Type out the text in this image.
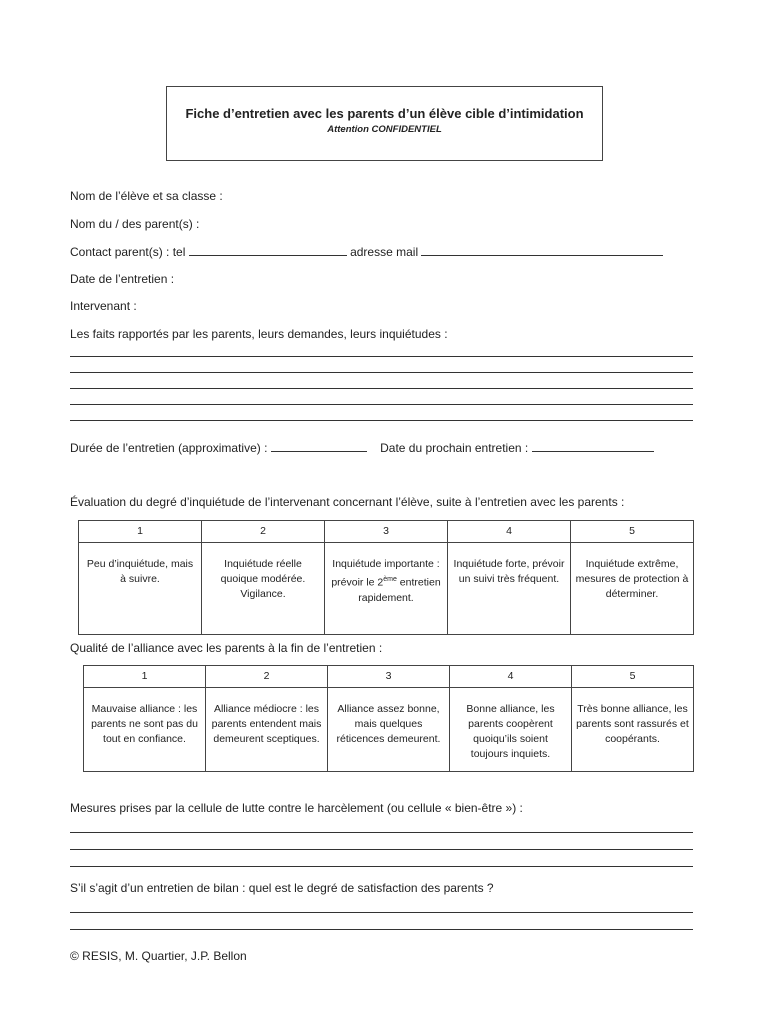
Fiche d’entretien avec les parents d’un élève cible d’intimidation
Attention CONFIDENTIEL
Nom de l’élève et sa classe :
Nom du / des parent(s) :
Contact parent(s) : tel	adresse mail
Date de l’entretien :
Intervenant :
Les faits rapportés par les parents, leurs demandes, leurs inquiétudes :
Durée de l’entretien (approximative) :	Date du prochain entretien :
Évaluation du degré d’inquiétude de l’intervenant concernant l’élève, suite à l’entretien avec les parents :
1	2	3	4	5
Peu d’inquiétude, mais à suivre.	Inquiétude réelle quoique modérée. Vigilance.	Inquiétude importante : prévoir le 2ème entretien rapidement.	Inquiétude forte, prévoir un suivi très fréquent.	Inquiétude extrême, mesures de protection à déterminer.
Qualité de l’alliance avec les parents à la fin de l’entretien :
1	2	3	4	5
Mauvaise alliance : les parents ne sont pas du tout en confiance.	Alliance médiocre : les parents entendent mais demeurent sceptiques.	Alliance assez bonne, mais quelques réticences demeurent.	Bonne alliance, les parents coopèrent quoiqu’ils soient toujours inquiets.	Très bonne alliance, les parents sont rassurés et coopérants.
Mesures prises par la cellule de lutte contre le harcèlement (ou cellule « bien-être ») :
S’il s’agit d’un entretien de bilan : quel est le degré de satisfaction des parents ?
© RESIS, M. Quartier, J.P. Bellon
